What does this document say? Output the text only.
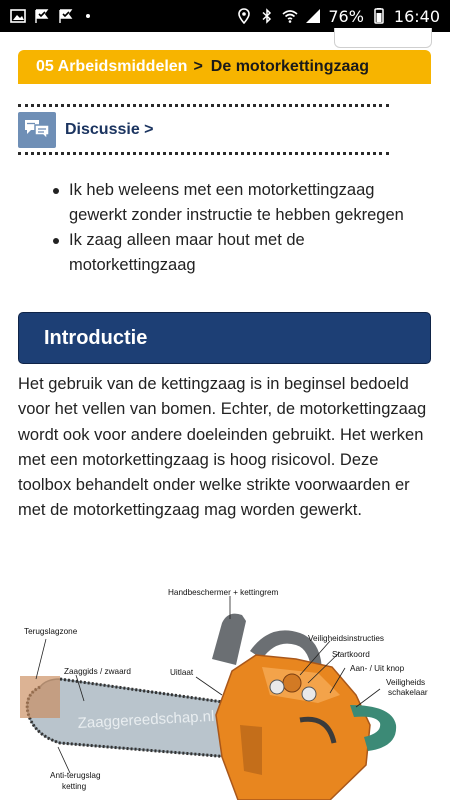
76% 16:40
05 Arbeidsmiddelen > De motorkettingzaag
Discussie >
Ik heb weleens met een motorkettingzaag gewerkt zonder instructie te hebben gekregen
Ik zaag alleen maar hout met de motorkettingzaag
Introductie

Het gebruik van de kettingzaag is in beginsel bedoeld voor het vellen van bomen. Echter, de motorkettingzaag wordt ook voor andere doeleinden gebruikt. Het werken met een motorkettingzaag is hoog risicovol. Deze toolbox behandelt onder welke strikte voorwaarden er met de motorkettingzaag mag worden gewerkt.

Zaaggereedschap.nl
Handbeschermer + kettingrem
Veiligheidsinstructies
Startkoord
Aan- / Uit knop
Veiligheids
schakelaar
Terugslagzone
Zaaggids / zwaard	Uitlaat
Anti-terugslag
ketting
